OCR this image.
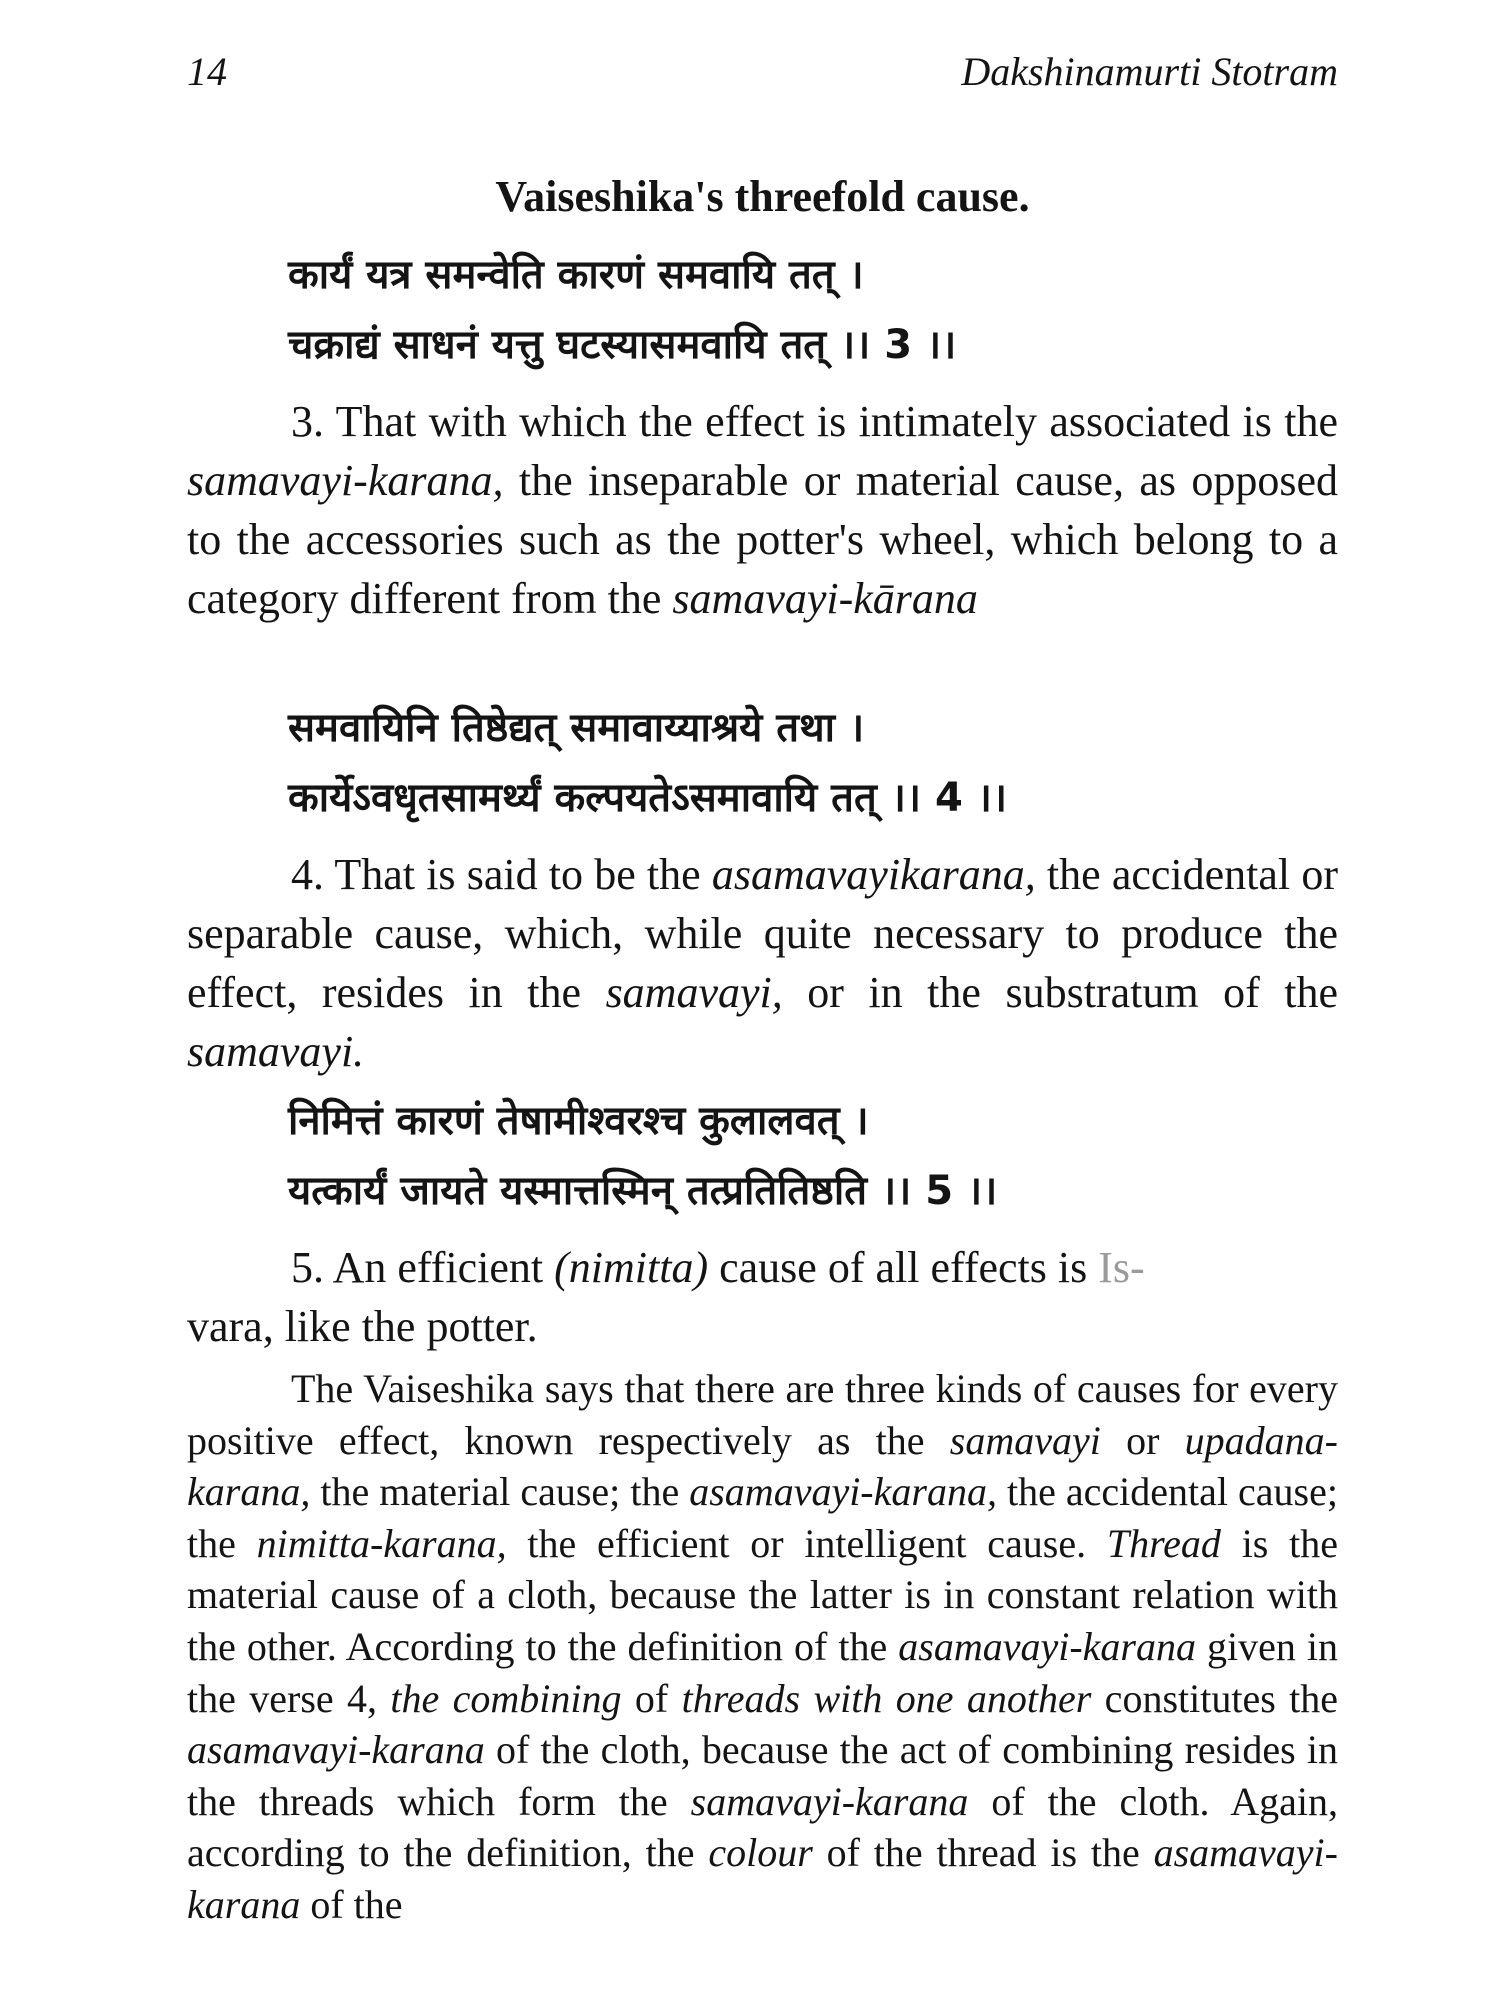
14	Dakshinamurti Stotram
Vaiseshika's threefold cause.
कार्यं यत्र समन्वेति कारणं समवायि तत् ।
चक्राद्यं साधनं यत्तु घटस्यासमवायि तत् ।। 3 ।।

3. That with which the effect is intimately associated is the samavayi-karana, the inseparable or material cause, as opposed to the accessories such as the potter's wheel, which belong to a category different from the samavayi-kārana

समवायिनि तिष्ठेद्यत् समावाय्याश्रये तथा ।
कार्येऽवधृतसामर्थ्यं कल्पयतेऽसमावायि तत् ।। 4 ।।

4. That is said to be the asamavayikarana, the accidental or separable cause, which, while quite necessary to produce the effect, resides in the samavayi, or in the substratum of the samavayi.

निमित्तं कारणं तेषामीश्वरश्च कुलालवत् ।
यत्कार्यं जायते यस्मात्तस्मिन् तत्प्रतितिष्ठति ।। 5 ।।

5. An efficient (nimitta) cause of all effects is Is-
vara, like the potter.

The Vaiseshika says that there are three kinds of causes for every positive effect, known respectively as the samavayi or upadana-karana, the material cause; the asamavayi-karana, the accidental cause; the nimitta-karana, the efficient or intelligent cause. Thread is the material cause of a cloth, because the latter is in constant relation with the other. According to the definition of the asamavayi-karana given in the verse 4, the combining of threads with one another constitutes the asamavayi-karana of the cloth, because the act of combining resides in the threads which form the samavayi-karana of the cloth. Again, according to the definition, the colour of the thread is the asamavayi-karana of the
